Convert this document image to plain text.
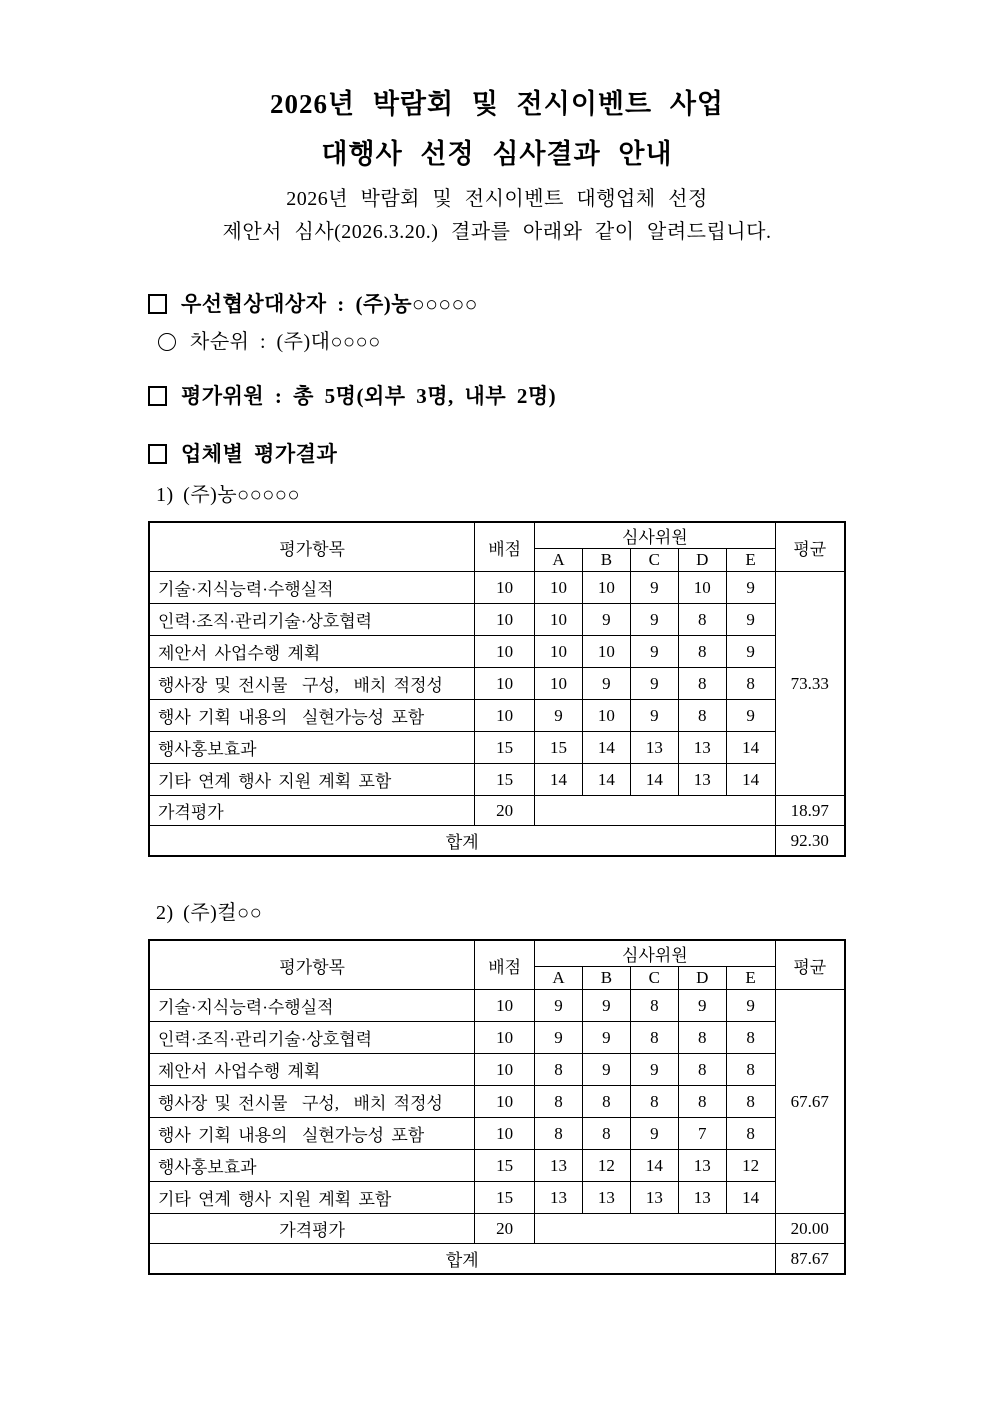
2026년 박람회 및 전시이벤트 사업
대행사 선정 심사결과 안내

2026년 박람회 및 전시이벤트 대행업체 선정

제안서 심사(2026.3.20.) 결과를 아래와 같이 알려드립니다.

우선협상대상자 : (주)농○○○○○
차순위 : (주)대○○○○
평가위원 : 총 5명(외부 3명, 내부 2명)
업체별 평가결과
1) (주)농○○○○○
평가항목	배점	심사위원					평균
		A	B	C	D	E	
기술·지식능력·수행실적	10	10	10	9	10	9	73.33
인력·조직·관리기술·상호협력	10	10	9	9	8	9	
제안서 사업수행 계획	10	10	10	9	8	9	
행사장 및 전시물  구성,  배치 적정성	10	10	9	9	8	8	
행사 기획 내용의  실현가능성 포함	10	9	10	9	8	9	
행사홍보효과	15	15	14	13	13	14	
기타 연계 행사 지원 계획 포함	15	14	14	14	13	14	
가격평가	20						18.97
합계							92.30
2) (주)컬○○
평가항목	배점	심사위원					평균
		A	B	C	D	E	
기술·지식능력·수행실적	10	9	9	8	9	9	67.67
인력·조직·관리기술·상호협력	10	9	9	8	8	8	
제안서 사업수행 계획	10	8	9	9	8	8	
행사장 및 전시물  구성,  배치 적정성	10	8	8	8	8	8	
행사 기획 내용의  실현가능성 포함	10	8	8	9	7	8	
행사홍보효과	15	13	12	14	13	12	
기타 연계 행사 지원 계획 포함	15	13	13	13	13	14	
가격평가	20						20.00
합계							87.67
